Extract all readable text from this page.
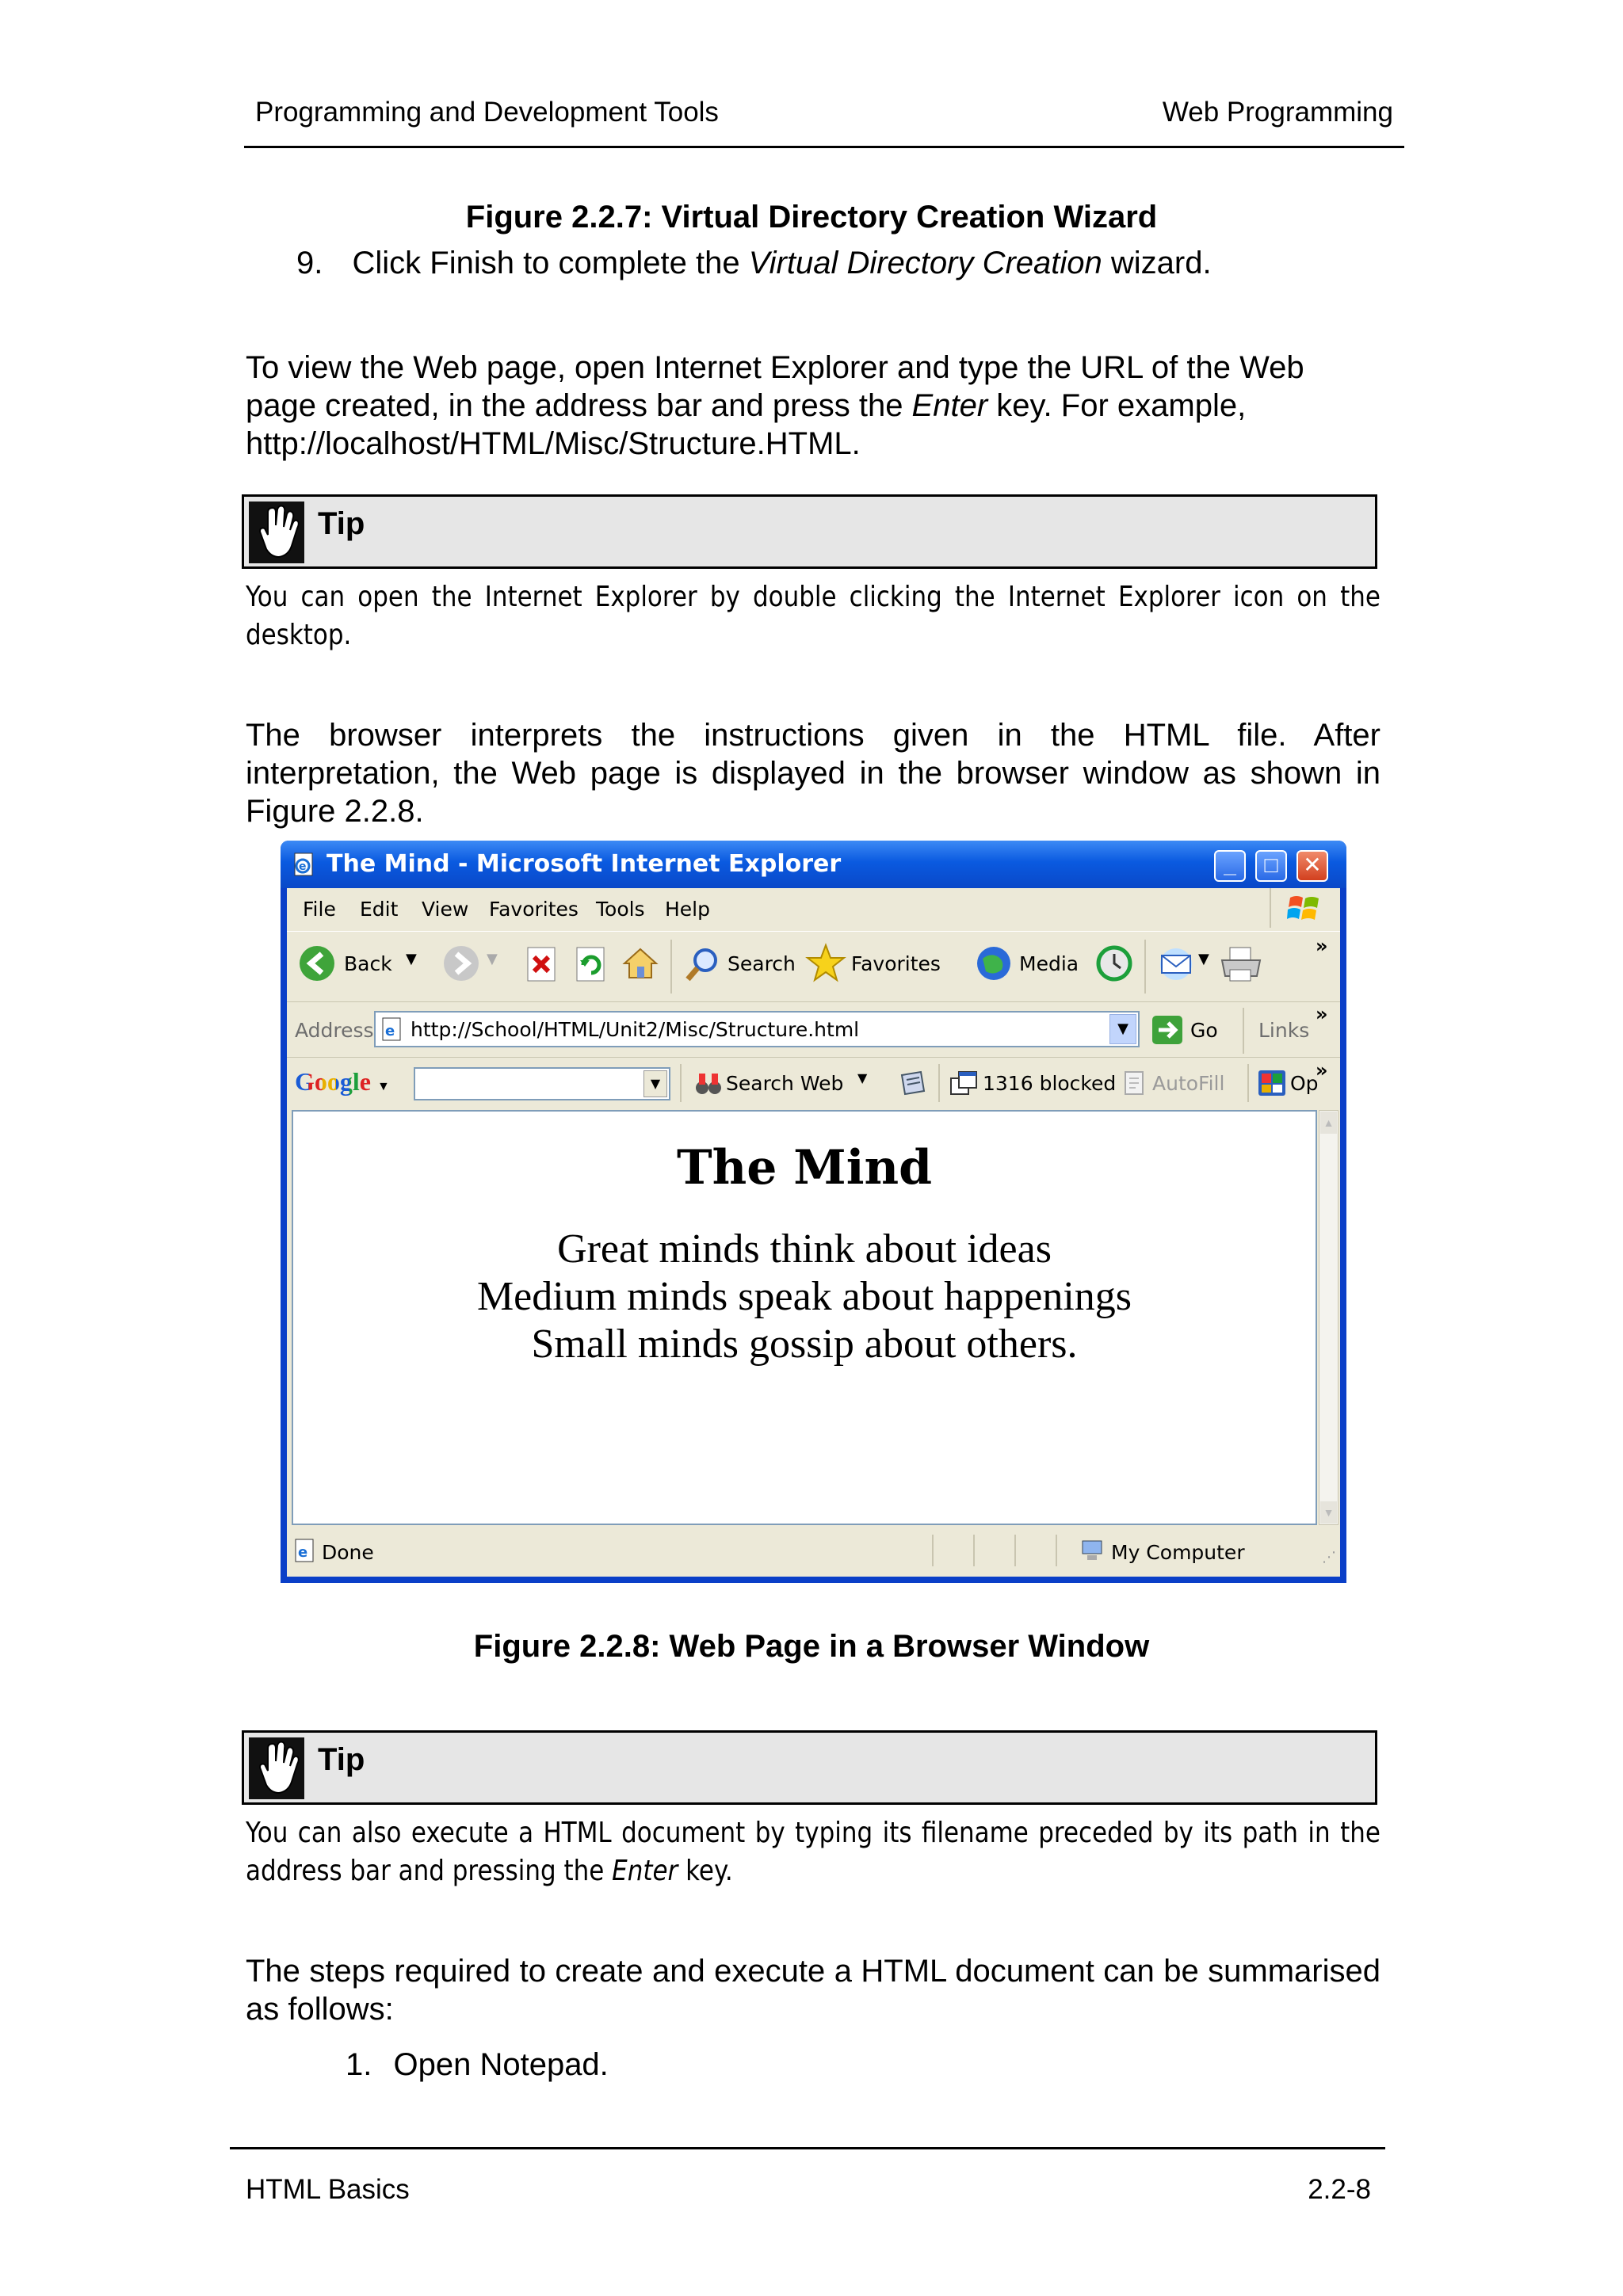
Programming and Development Tools	Web Programming
Figure 2.2.7: Virtual Directory Creation Wizard
9. Click Finish to complete the Virtual Directory Creation wizard.
To view the Web page, open Internet Explorer and type the URL of the Web page created, in the address bar and press the Enter key. For example, http://localhost/HTML/Misc/Structure.HTML.
Tip
You can open the Internet Explorer by double clicking the Internet Explorer icon on the desktop.
The browser interprets the instructions given in the HTML file. After interpretation, the Web page is displayed in the browser window as shown in Figure 2.2.8.
e The Mind - Microsoft Internet Explorer	_	□	✕
File Edit View Favorites Tools Help
Back ▼	▼	Search	Favorites	Media	▼
»
Address e http://School/HTML/Unit2/Misc/Structure.html	▼	Go Links
»
Google ▼	▼	Search Web ▼	1316 blocked AutoFill	Op
»
The Mind
Great minds think about ideas
Medium minds speak about happenings
Small minds gossip about others.
▲
▼
e Done	My Computer	⋰
Figure 2.2.8: Web Page in a Browser Window
Tip
You can also execute a HTML document by typing its filename preceded by its path in the address bar and pressing the Enter key.
The steps required to create and execute a HTML document can be summarised as follows:
1. Open Notepad.
HTML Basics	2.2-8
